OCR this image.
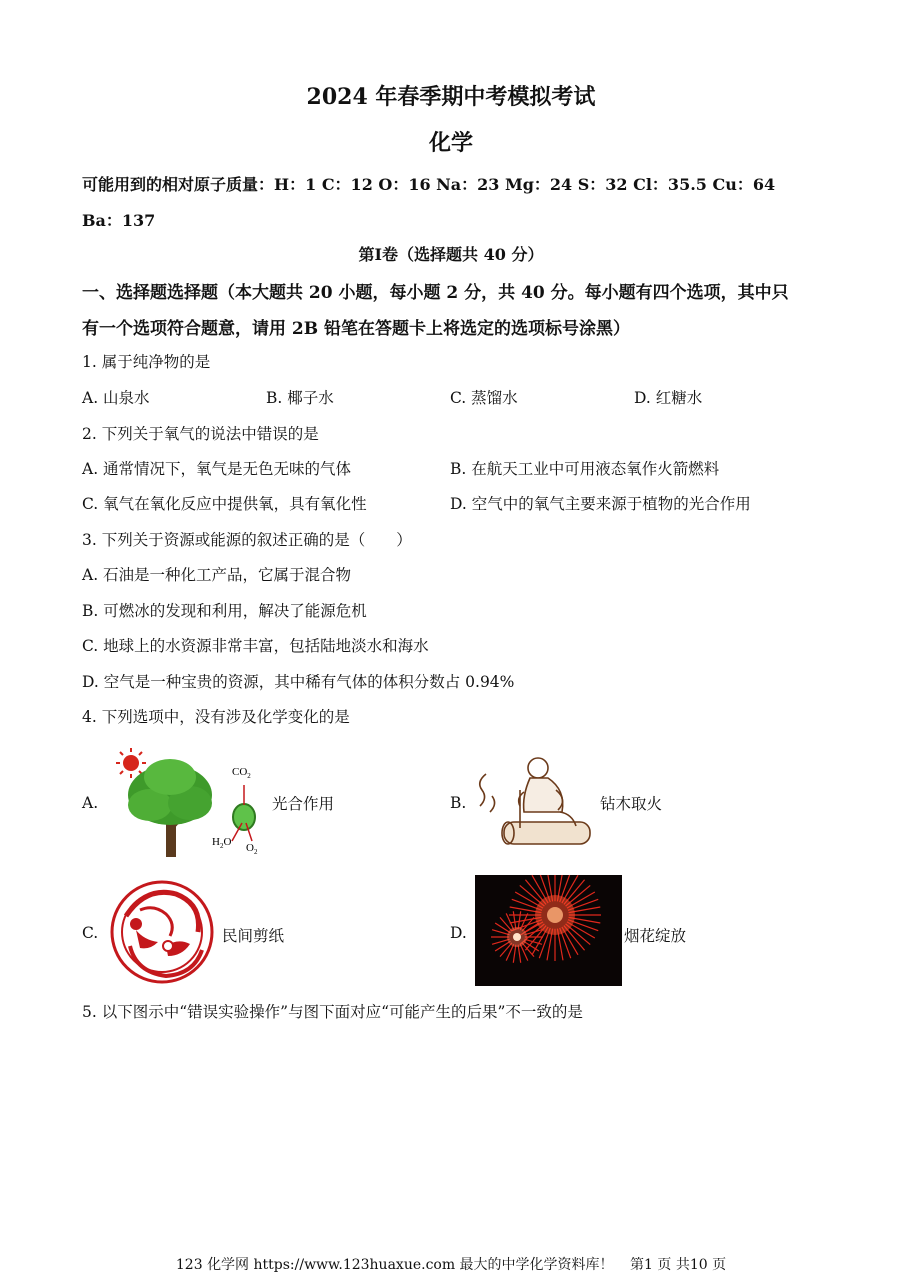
2024 年春季期中考模拟考试
化学
可能用到的相对原子质量：H：1 C：12 O：16 Na：23 Mg：24 S：32 Cl：35.5 Cu：64
Ba：137
第Ⅰ卷（选择题共 40 分）
一、选择题选择题（本大题共 20 小题，每小题 2 分，共 40 分。每小题有四个选项，其中只
有一个选项符合题意，请用 2B 铅笔在答题卡上将选定的选项标号涂黑）
1. 属于纯净物的是
A. 山泉水	B. 椰子水	C. 蒸馏水	D. 红糖水
2. 下列关于氧气的说法中错误的是
A. 通常情况下，氧气是无色无味的气体	B. 在航天工业中可用液态氧作火箭燃料
C. 氧气在氧化反应中提供氧，具有氧化性	D. 空气中的氧气主要来源于植物的光合作用
3. 下列关于资源或能源的叙述正确的是（　　）
A. 石油是一种化工产品，它属于混合物
B. 可燃冰的发现和利用，解决了能源危机
C. 地球上的水资源非常丰富，包括陆地淡水和海水
D. 空气是一种宝贵的资源，其中稀有气体的体积分数占 0.94%
4. 下列选项中，没有涉及化学变化的是
A.
$CO_2$
$H_2O$ $O_2$
光合作用	B.	钻木取火
C.	民间剪纸	D.	烟花绽放
5. 以下图示中“错误实验操作”与图下面对应“可能产生的后果”不一致的是
123 化学网 https://www.123huaxue.com 最大的中学化学资料库！ 第1 页 共10 页
